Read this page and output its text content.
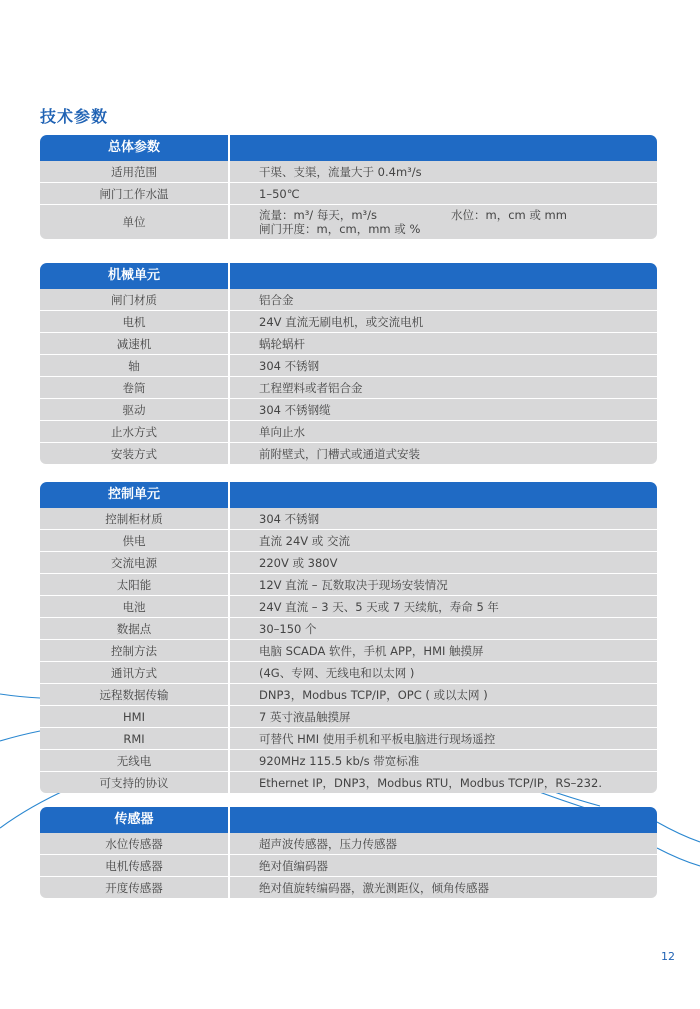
技术参数
总体参数
适用范围	干渠、支渠，流量大于 0.4m³/s
闸门工作水温	1–50℃
单位	流量：m³/ 每天，m³/s	水位：m，cm 或 mm
闸门开度：m，cm，mm 或 %
机械单元
闸门材质	铝合金
电机	24V 直流无刷电机，或交流电机
减速机	蜗轮蜗杆
轴	304 不锈钢
卷筒	工程塑料或者铝合金
驱动	304 不锈钢缆
止水方式	单向止水
安装方式	前附壁式，门槽式或通道式安装
控制单元
控制柜材质	304 不锈钢
供电	直流 24V 或 交流
交流电源	220V 或 380V
太阳能	12V 直流 – 瓦数取决于现场安装情况
电池	24V 直流 – 3 天、5 天或 7 天续航，寿命 5 年
数据点	30–150 个
控制方法	电脑 SCADA 软件，手机 APP，HMI 触摸屏
通讯方式	(4G、专网、无线电和以太网 )
远程数据传输	DNP3，Modbus TCP/IP，OPC ( 或以太网 )
HMI	7 英寸液晶触摸屏
RMI	可替代 HMI 使用手机和平板电脑进行现场遥控
无线电	920MHz 115.5 kb/s 带宽标准
可支持的协议	Ethernet IP，DNP3，Modbus RTU，Modbus TCP/IP，RS–232.
传感器
水位传感器	超声波传感器，压力传感器
电机传感器	绝对值编码器
开度传感器	绝对值旋转编码器，激光测距仪，倾角传感器
12
